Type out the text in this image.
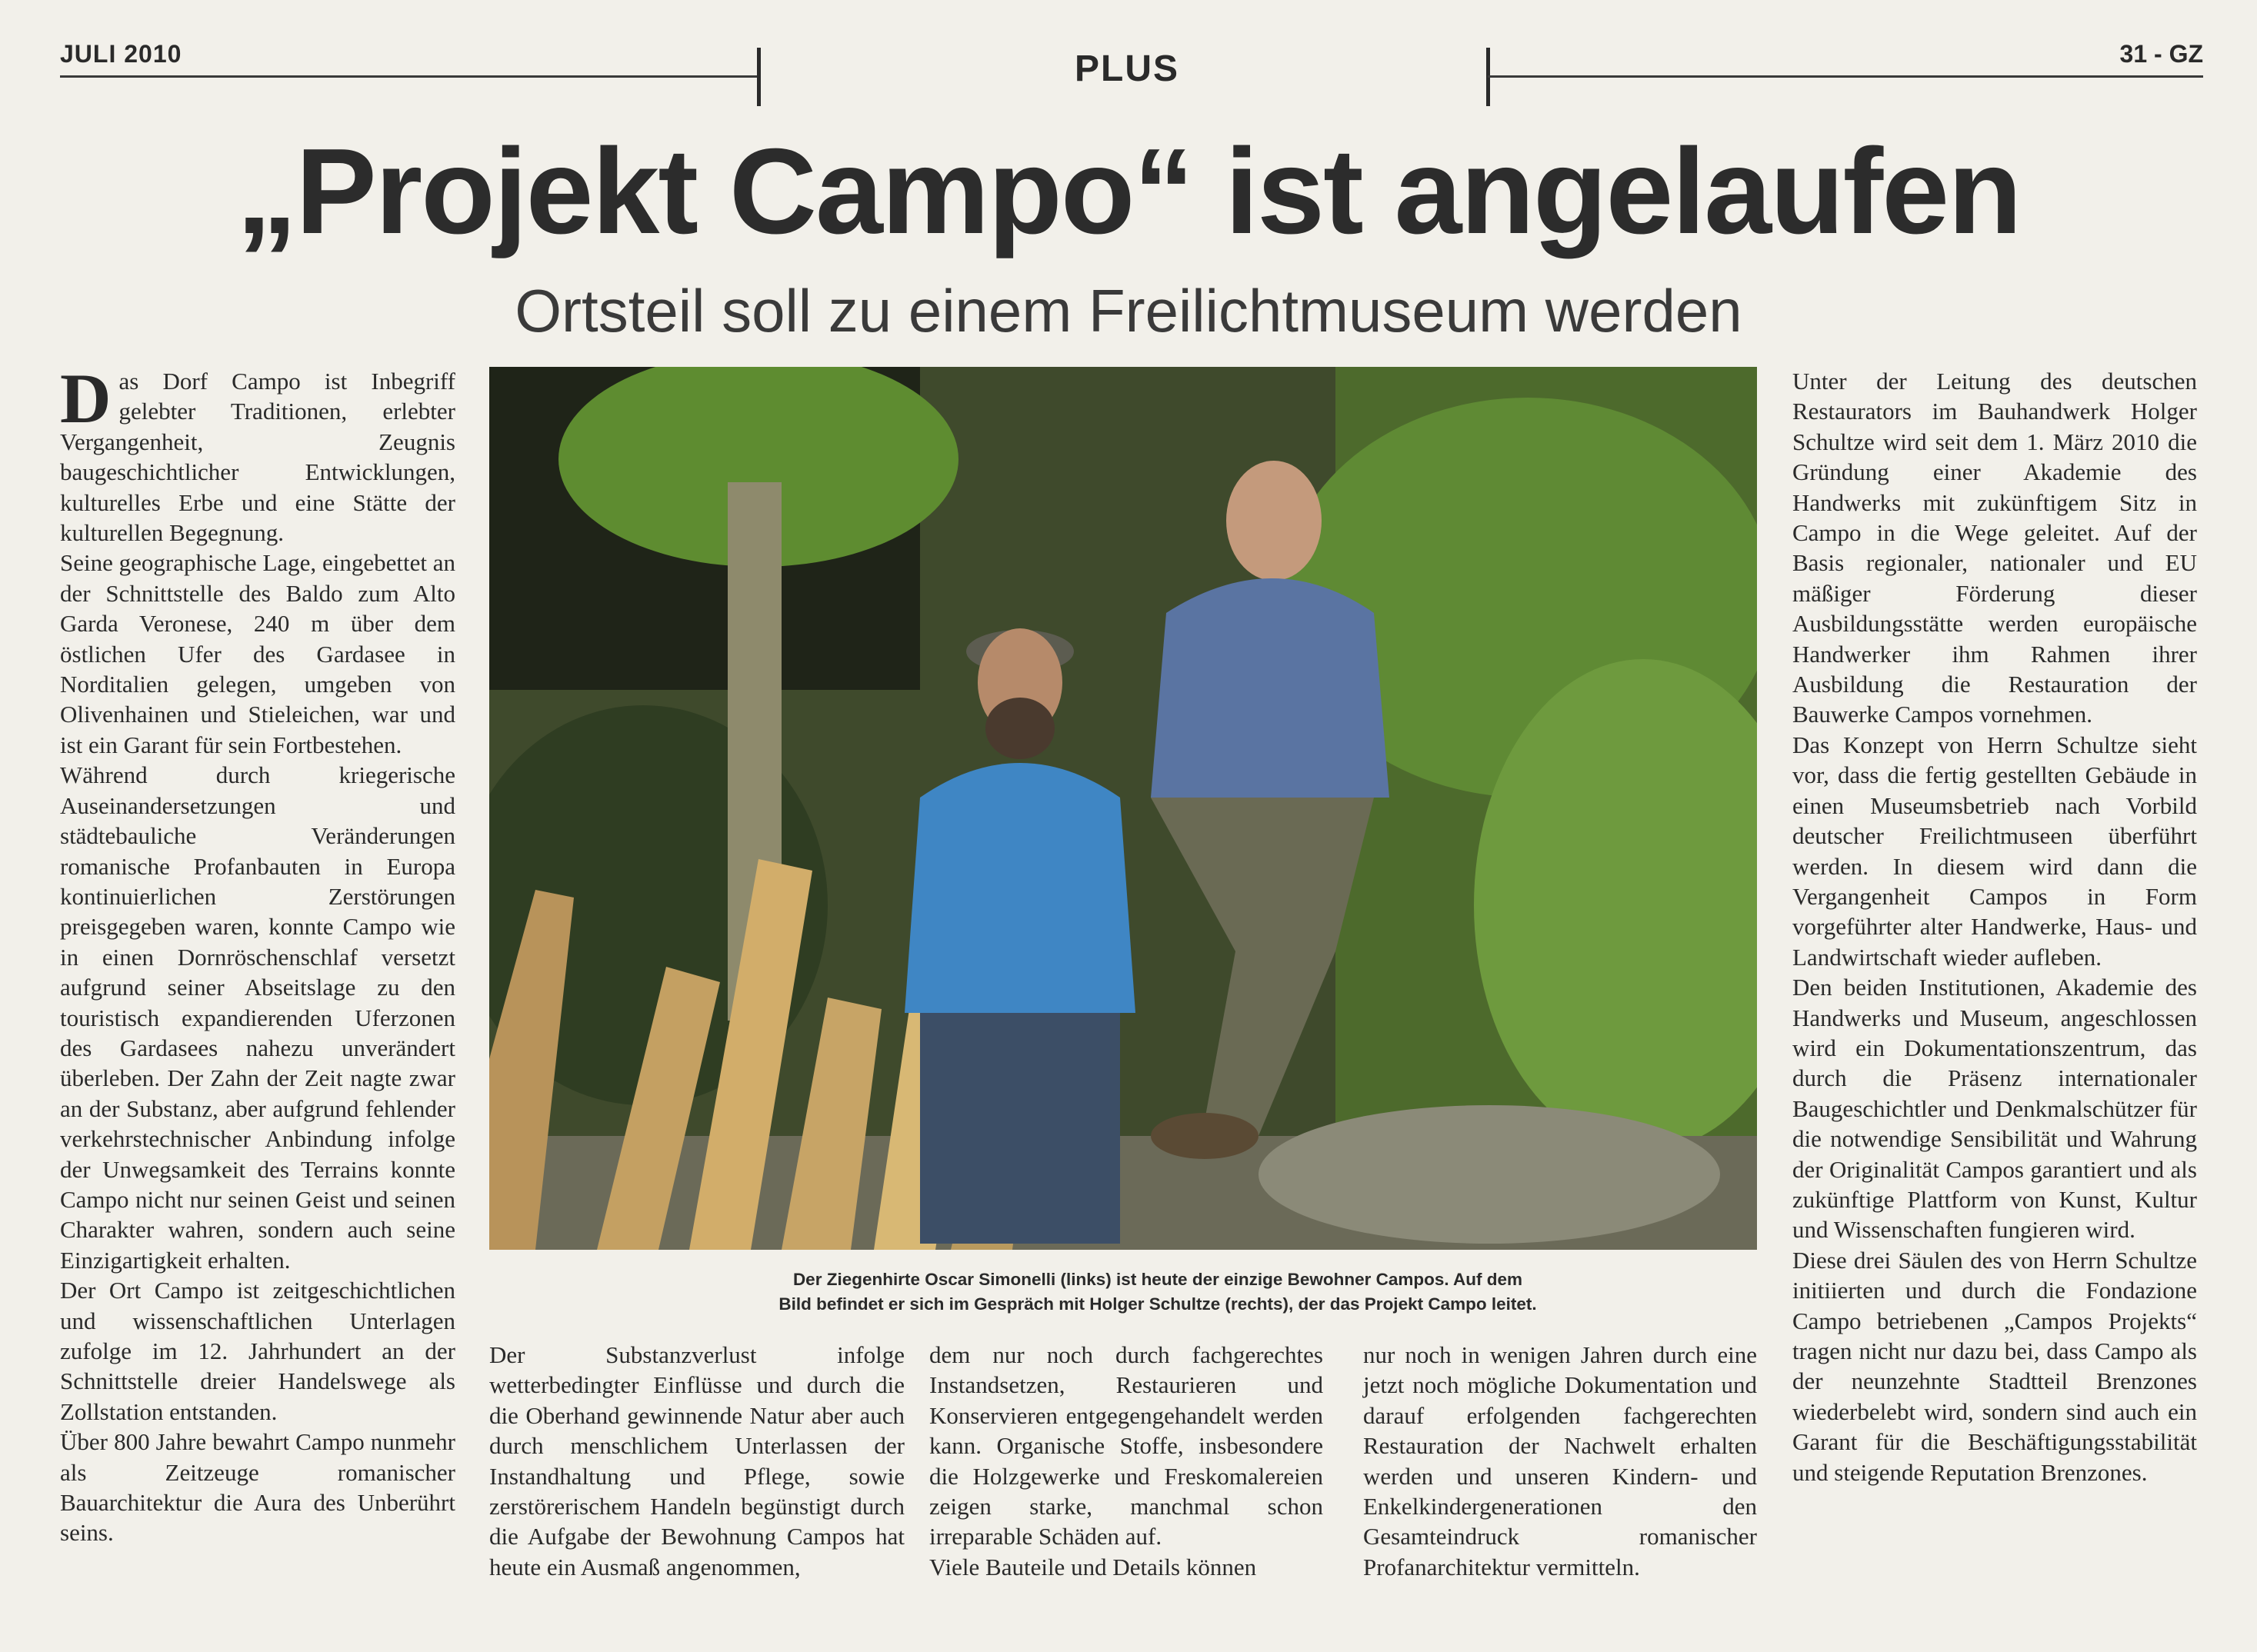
JULI 2010	PLUS	31 - GZ
„Projekt Campo“ ist angelaufen
Ortsteil soll zu einem Freilichtmuseum werden
Der Ziegenhirte Oscar Simonelli (links) ist heute der einzige Bewohner Campos. Auf dem
Bild befindet er sich im Gespräch mit Holger Schultze (rechts), der das Projekt Campo leitet.

Das Dorf Campo ist Inbegriff gelebter Traditionen, erlebter Vergangenheit, Zeugnis baugeschichtlicher Entwicklungen, kulturelles Erbe und eine Stätte der kulturellen Begegnung.

Seine geographische Lage, eingebettet an der Schnittstelle des Baldo zum Alto Garda Veronese, 240 m über dem östlichen Ufer des Gardasee in Norditalien gelegen, umgeben von Olivenhainen und Stieleichen, war und ist ein Garant für sein Fortbestehen.

Während durch kriegerische Auseinandersetzungen und städtebauliche Veränderungen romanische Profanbauten in Europa kontinuierlichen Zerstörungen preisgegeben waren, konnte Campo wie in einen Dornröschenschlaf versetzt aufgrund seiner Abseitslage zu den touristisch expandierenden Uferzonen des Gardasees nahezu unverändert überleben. Der Zahn der Zeit nagte zwar an der Substanz, aber aufgrund fehlender verkehrstechnischer Anbindung infolge der Unwegsamkeit des Terrains konnte Campo nicht nur seinen Geist und seinen Charakter wahren, sondern auch seine Einzigartigkeit erhalten.

Der Ort Campo ist zeitgeschichtlichen und wissenschaftlichen Unterlagen zufolge im 12. Jahrhundert an der Schnittstelle dreier Handelswege als Zollstation entstanden.

Über 800 Jahre bewahrt Campo nunmehr als Zeitzeuge romanischer Bauarchitektur die Aura des Unberührt seins.

Der Substanzverlust infolge wetterbedingter Einflüsse und durch die die Oberhand gewinnende Natur aber auch durch menschlichem Unterlassen der Instandhaltung und Pflege, sowie zerstörerischem Handeln begünstigt durch die Aufgabe der Bewohnung Campos hat heute ein Ausmaß angenommen,

dem nur noch durch fachgerechtes Instandsetzen, Restaurieren und Konservieren entgegengehandelt werden kann. Organische Stoffe, insbesondere die Holzgewerke und Freskomalereien zeigen starke, manchmal schon irreparable Schäden auf.

Viele Bauteile und Details können

nur noch in wenigen Jahren durch eine jetzt noch mögliche Dokumentation und darauf erfolgenden fachgerechten Restauration der Nachwelt erhalten werden und unseren Kindern- und Enkelkindergenerationen den Gesamteindruck romanischer Profanarchitektur vermitteln.

Unter der Leitung des deutschen Restaurators im Bauhandwerk Holger Schultze wird seit dem 1. März 2010 die Gründung einer Akademie des Handwerks mit zukünftigem Sitz in Campo in die Wege geleitet. Auf der Basis regionaler, nationaler und EU mäßiger Förderung dieser Ausbildungsstätte werden europäische Handwerker ihm Rahmen ihrer Ausbildung die Restauration der Bauwerke Campos vornehmen.

Das Konzept von Herrn Schultze sieht vor, dass die fertig gestellten Gebäude in einen Museumsbetrieb nach Vorbild deutscher Freilichtmuseen überführt werden. In diesem wird dann die Vergangenheit Campos in Form vorgeführter alter Handwerke, Haus- und Landwirtschaft wieder aufleben.

Den beiden Institutionen, Akademie des Handwerks und Museum, angeschlossen wird ein Dokumentationszentrum, das durch die Präsenz internationaler Baugeschichtler und Denkmalschützer für die notwendige Sensibilität und Wahrung der Originalität Campos garantiert und als zukünftige Plattform von Kunst, Kultur und Wissenschaften fungieren wird.

Diese drei Säulen des von Herrn Schultze initiierten und durch die Fondazione Campo betriebenen „Campos Projekts“ tragen nicht nur dazu bei, dass Campo als der neunzehnte Stadtteil Brenzones wiederbelebt wird, sondern sind auch ein Garant für die Beschäftigungsstabilität und steigende Reputation Brenzones.
